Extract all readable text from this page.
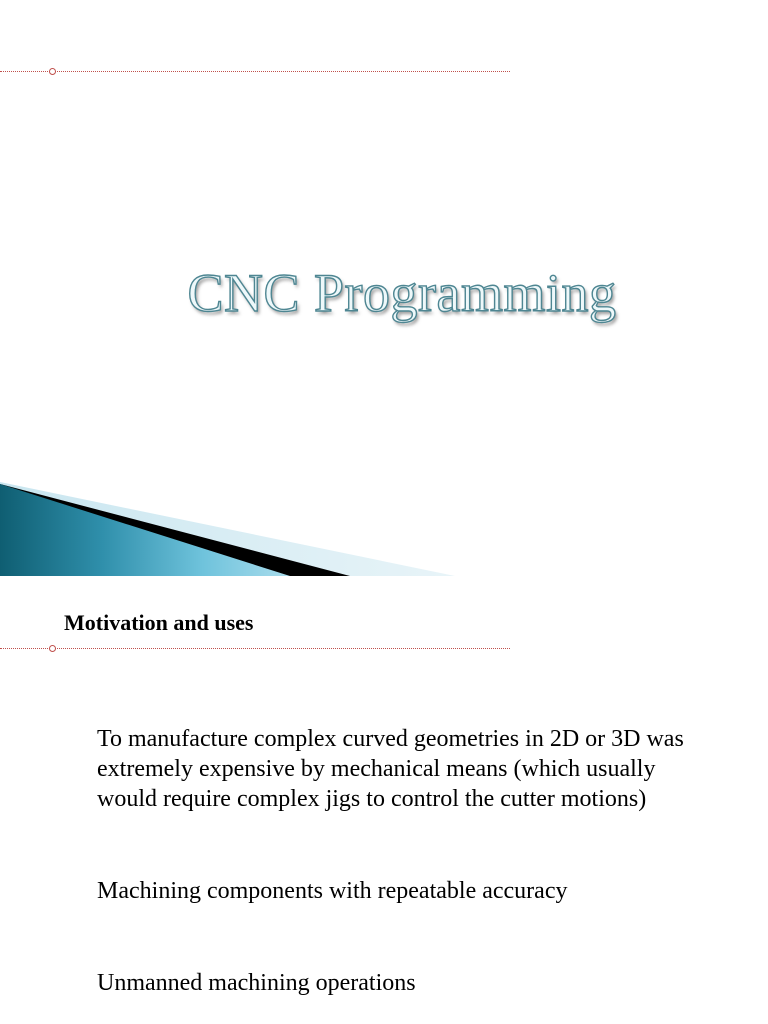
CNC Programming
Motivation and uses
To manufacture complex curved geometries in 2D or 3D was extremely expensive by mechanical means (which usually would require complex jigs to control the cutter motions)
Machining components with repeatable accuracy
Unmanned machining operations
